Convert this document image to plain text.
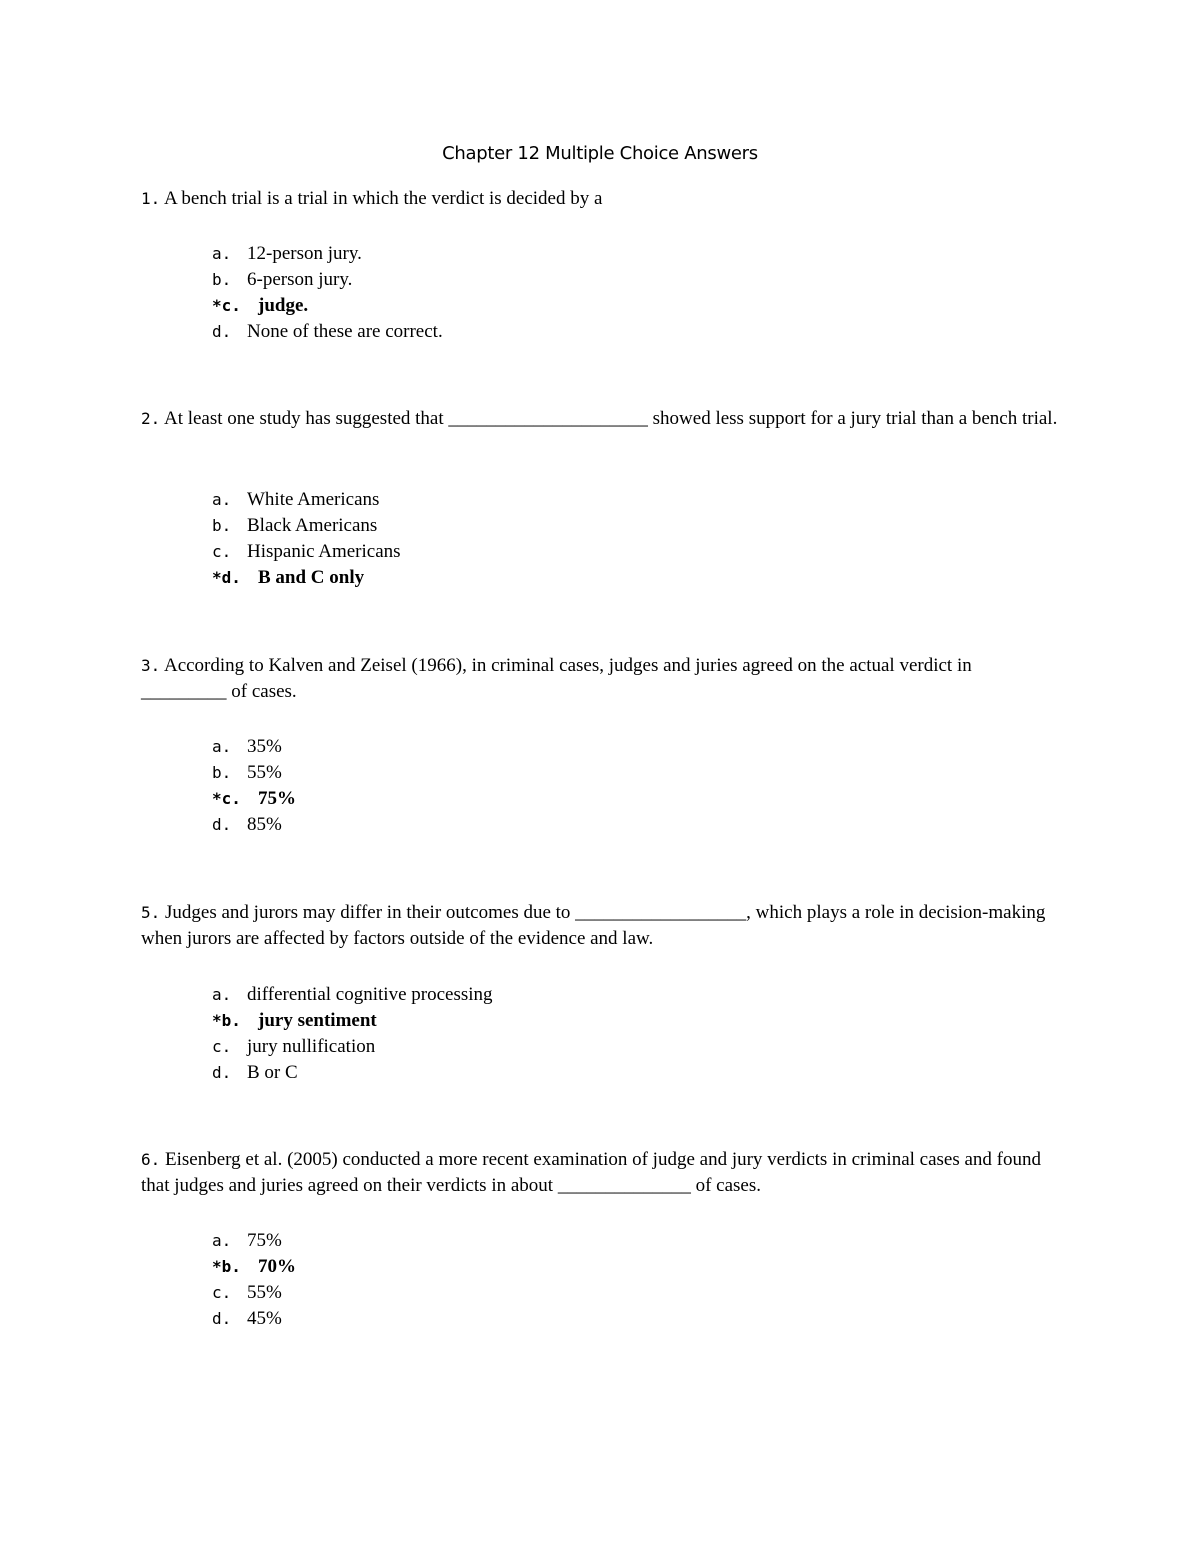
Chapter 12 Multiple Choice Answers
1. A bench trial is a trial in which the verdict is decided by a
a. 12-person jury.
b. 6-person jury.
*c. judge.
d. None of these are correct.
2. At least one study has suggested that _____________________ showed less support for a jury trial than a bench trial.
a. White Americans
b. Black Americans
c. Hispanic Americans
*d. B and C only
3. According to Kalven and Zeisel (1966), in criminal cases, judges and juries agreed on the actual verdict in _________ of cases.
a. 35%
b. 55%
*c. 75%
d. 85%
5. Judges and jurors may differ in their outcomes due to __________________, which plays a role in decision-making when jurors are affected by factors outside of the evidence and law.
a. differential cognitive processing
*b. jury sentiment
c. jury nullification
d. B or C
6. Eisenberg et al. (2005) conducted a more recent examination of judge and jury verdicts in criminal cases and found that judges and juries agreed on their verdicts in about ______________ of cases.
a. 75%
*b. 70%
c. 55%
d. 45%
